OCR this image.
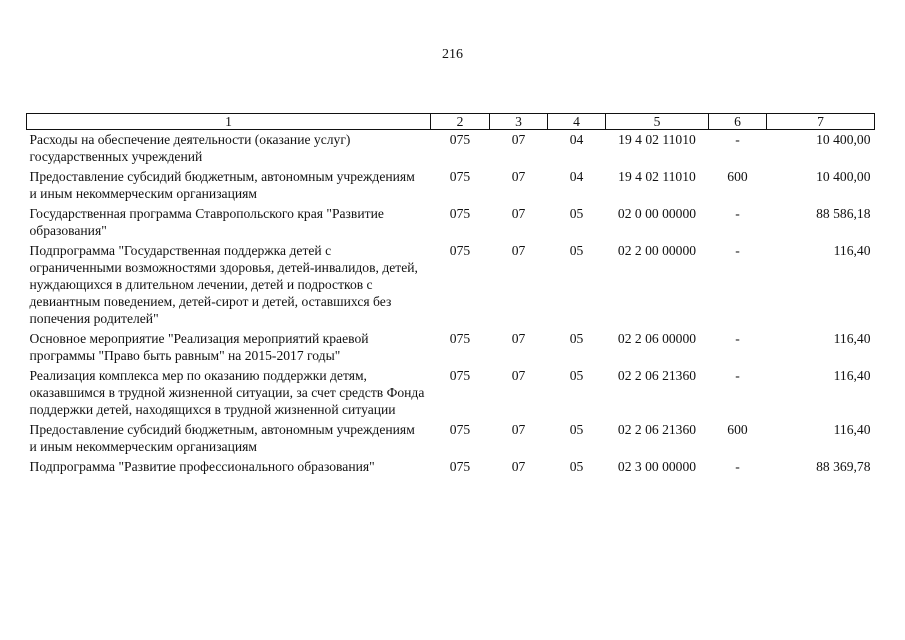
216
1	2	3	4	5	6	7
Расходы на обеспечение деятельности (оказание услуг) государственных учреждений	075	07	04	19 4 02 11010	-	10 400,00
Предоставление субсидий бюджетным, автономным учреждениям и иным некоммерческим организациям	075	07	04	19 4 02 11010	600	10 400,00
Государственная программа Ставропольского края "Развитие образования"	075	07	05	02 0 00 00000	-	88 586,18
Подпрограмма "Государственная поддержка детей с ограниченными возможностями здоровья, детей-инвалидов, детей, нуждающихся в длительном лечении, детей и подростков с девиантным поведением, детей-сирот и детей, оставшихся без попечения родителей"	075	07	05	02 2 00 00000	-	116,40
Основное мероприятие "Реализация мероприятий краевой программы "Право быть равным" на 2015-2017 годы"	075	07	05	02 2 06 00000	-	116,40
Реализация комплекса мер по оказанию поддержки детям, оказавшимся в трудной жизненной ситуации, за счет средств Фонда поддержки детей, находящихся в трудной жизненной ситуации	075	07	05	02 2 06 21360	-	116,40
Предоставление субсидий бюджетным, автономным учреждениям и иным некоммерческим организациям	075	07	05	02 2 06 21360	600	116,40
Подпрограмма "Развитие профессионального образования"	075	07	05	02 3 00 00000	-	88 369,78
